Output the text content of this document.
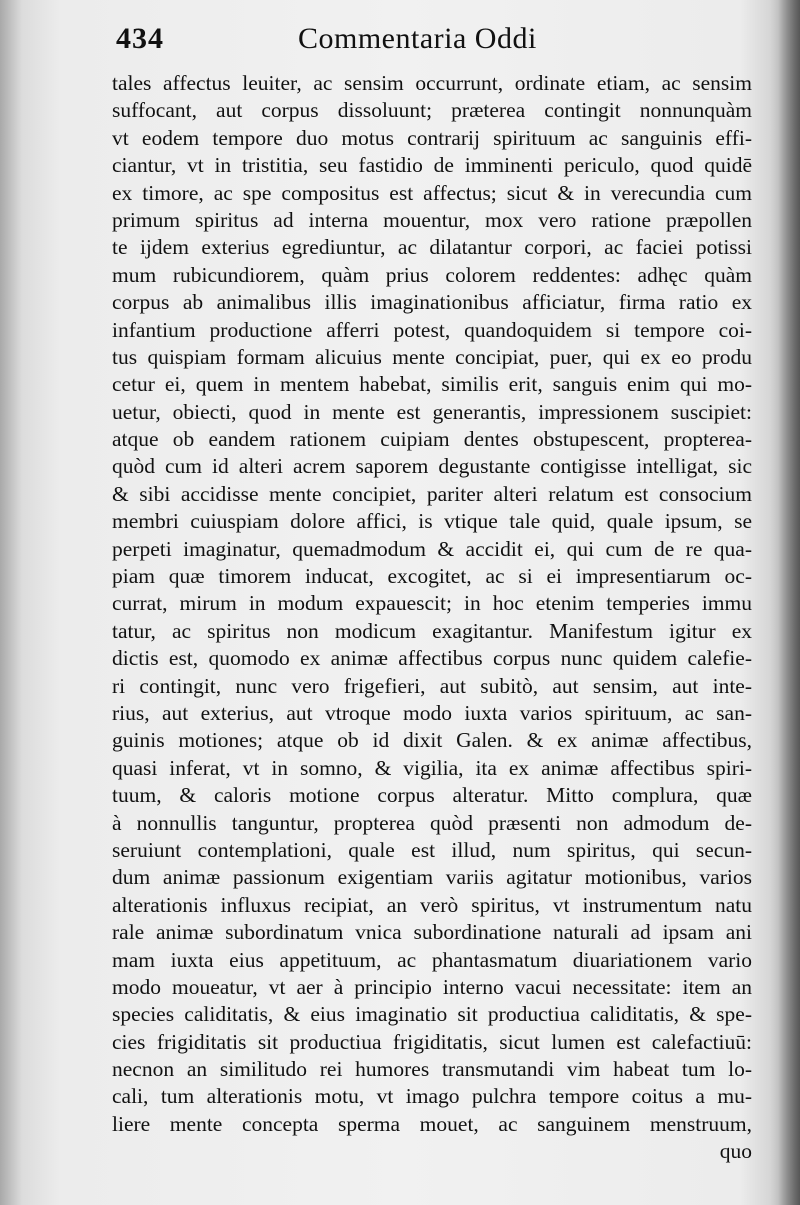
434	Commentaria Oddi
tales affectus leuiter, ac sensim occurrunt, ordinate etiam, ac sensim
suffocant, aut corpus dissoluunt; præterea contingit nonnunquàm
vt eodem tempore duo motus contrarij spirituum ac sanguinis effi-
ciantur, vt in tristitia, seu fastidio de imminenti periculo, quod quidē
ex timore, ac spe compositus est affectus; sicut & in verecundia cum
primum spiritus ad interna mouentur, mox vero ratione præpollen
te ijdem exterius egrediuntur, ac dilatantur corpori, ac faciei potissi
mum rubicundiorem, quàm prius colorem reddentes: adhęc quàm
corpus ab animalibus illis imaginationibus afficiatur, firma ratio ex
infantium productione afferri potest, quandoquidem si tempore coi-
tus quispiam formam alicuius mente concipiat, puer, qui ex eo produ
cetur ei, quem in mentem habebat, similis erit, sanguis enim qui mo-
uetur, obiecti, quod in mente est generantis, impressionem suscipiet:
atque ob eandem rationem cuipiam dentes obstupescent, propterea-
quòd cum id alteri acrem saporem degustante contigisse intelligat, sic
& sibi accidisse mente concipiet, pariter alteri relatum est consocium
membri cuiuspiam dolore affici, is vtique tale quid, quale ipsum, se
perpeti imaginatur, quemadmodum & accidit ei, qui cum de re qua-
piam quæ timorem inducat, excogitet, ac si ei impresentiarum oc-
currat, mirum in modum expauescit; in hoc etenim temperies immu
tatur, ac spiritus non modicum exagitantur. Manifestum igitur ex
dictis est, quomodo ex animæ affectibus corpus nunc quidem calefie-
ri contingit, nunc vero frigefieri, aut subitò, aut sensim, aut inte-
rius, aut exterius, aut vtroque modo iuxta varios spirituum, ac san-
guinis motiones; atque ob id dixit Galen. & ex animæ affectibus,
quasi inferat, vt in somno, & vigilia, ita ex animæ affectibus spiri-
tuum, & caloris motione corpus alteratur. Mitto complura, quæ
à nonnullis tanguntur, propterea quòd præsenti non admodum de-
seruiunt contemplationi, quale est illud, num spiritus, qui secun-
dum animæ passionum exigentiam variis agitatur motionibus, varios
alterationis influxus recipiat, an verò spiritus, vt instrumentum natu
rale animæ subordinatum vnica subordinatione naturali ad ipsam ani
mam iuxta eius appetituum, ac phantasmatum diuariationem vario
modo moueatur, vt aer à principio interno vacui necessitate: item an
species caliditatis, & eius imaginatio sit productiua caliditatis, & spe-
cies frigiditatis sit productiua frigiditatis, sicut lumen est calefactiuū:
necnon an similitudo rei humores transmutandi vim habeat tum lo-
cali, tum alterationis motu, vt imago pulchra tempore coitus a mu-
liere mente concepta sperma mouet, ac sanguinem menstruum,
quo
